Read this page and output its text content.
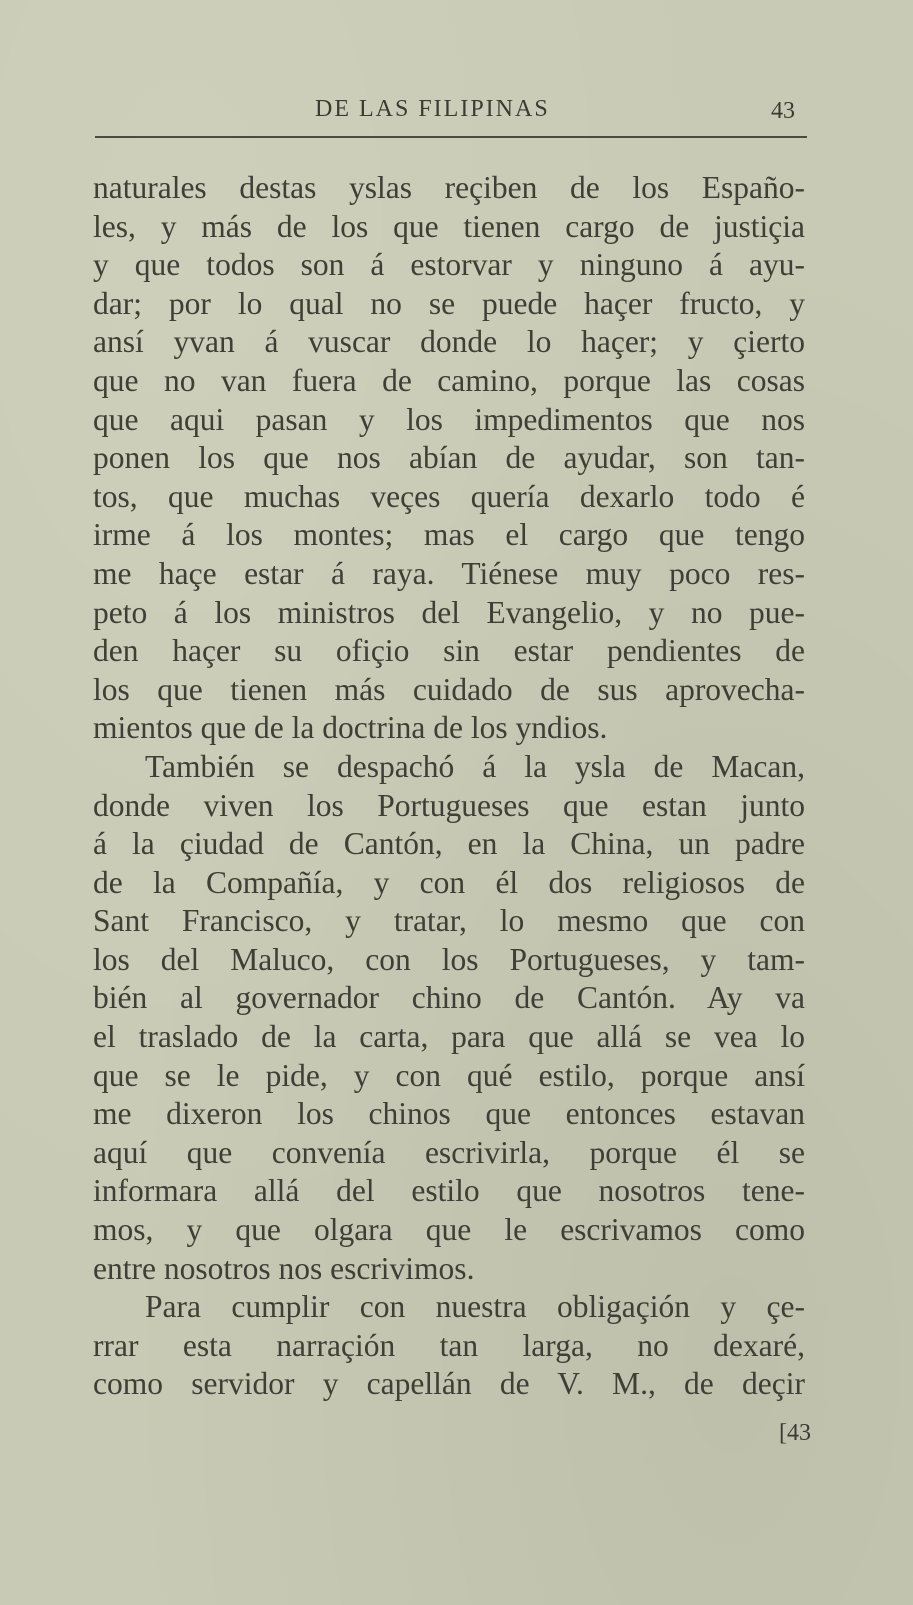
DE LAS FILIPINAS	43
naturales destas yslas reçiben de los Españo-
les, y más de los que tienen cargo de justiçia
y que todos son á estorvar y ninguno á ayu-
dar; por lo qual no se puede haçer fructo, y
ansí yvan á vuscar donde lo haçer; y çierto
que no van fuera de camino, porque las cosas
que aqui pasan y los impedimentos que nos
ponen los que nos abían de ayudar, son tan-
tos, que muchas veçes quería dexarlo todo é
irme á los montes; mas el cargo que tengo
me haçe estar á raya. Tiénese muy poco res-
peto á los ministros del Evangelio, y no pue-
den haçer su ofiçio sin estar pendientes de
los que tienen más cuidado de sus aprovecha-
mientos que de la doctrina de los yndios.
También se despachó á la ysla de Macan,
donde viven los Portugueses que estan junto
á la çiudad de Cantón, en la China, un padre
de la Compañía, y con él dos religiosos de
Sant Francisco, y tratar, lo mesmo que con
los del Maluco, con los Portugueses, y tam-
bién al governador chino de Cantón. Ay va
el traslado de la carta, para que allá se vea lo
que se le pide, y con qué estilo, porque ansí
me dixeron los chinos que entonces estavan
aquí que convenía escrivirla, porque él se
informara allá del estilo que nosotros tene-
mos, y que olgara que le escrivamos como
entre nosotros nos escrivimos.
Para cumplir con nuestra obligaçión y çe-
rrar esta narraçión tan larga, no dexaré,
como servidor y capellán de V. M., de deçir
[43
